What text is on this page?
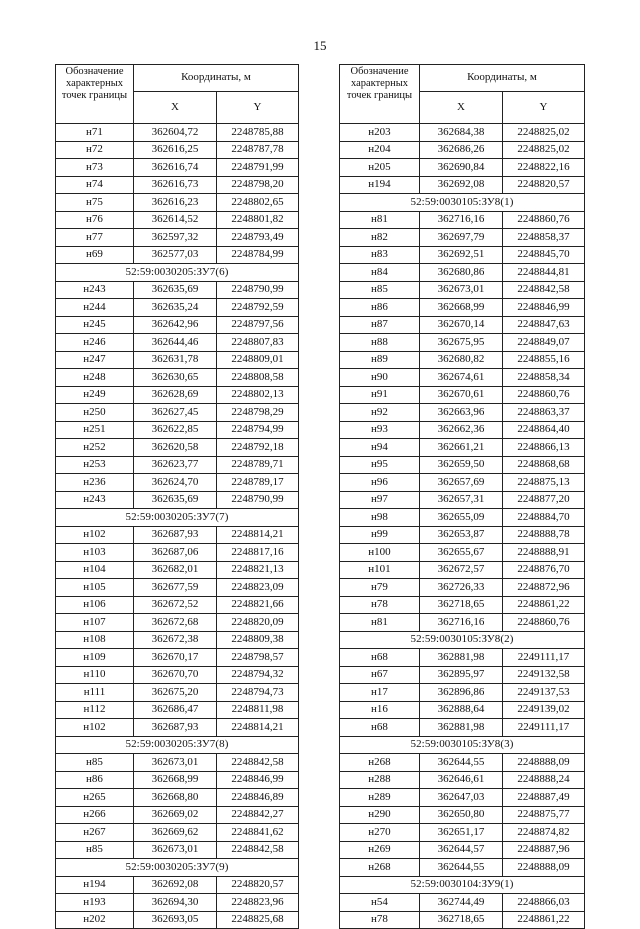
15
Обозначение характерных точек границы	Координаты, м	
	X	Y
н71	362604,72	2248785,88
н72	362616,25	2248787,78
н73	362616,74	2248791,99
н74	362616,73	2248798,20
н75	362616,23	2248802,65
н76	362614,52	2248801,82
н77	362597,32	2248793,49
н69	362577,03	2248784,99
52:59:0030205:ЗУ7(6)		
н243	362635,69	2248790,99
н244	362635,24	2248792,59
н245	362642,96	2248797,56
н246	362644,46	2248807,83
н247	362631,78	2248809,01
н248	362630,65	2248808,58
н249	362628,69	2248802,13
н250	362627,45	2248798,29
н251	362622,85	2248794,99
н252	362620,58	2248792,18
н253	362623,77	2248789,71
н236	362624,70	2248789,17
н243	362635,69	2248790,99
52:59:0030205:ЗУ7(7)		
н102	362687,93	2248814,21
н103	362687,06	2248817,16
н104	362682,01	2248821,13
н105	362677,59	2248823,09
н106	362672,52	2248821,66
н107	362672,68	2248820,09
н108	362672,38	2248809,38
н109	362670,17	2248798,57
н110	362670,70	2248794,32
н111	362675,20	2248794,73
н112	362686,47	2248811,98
н102	362687,93	2248814,21
52:59:0030205:ЗУ7(8)		
н85	362673,01	2248842,58
н86	362668,99	2248846,99
н265	362668,80	2248846,89
н266	362669,02	2248842,27
н267	362669,62	2248841,62
н85	362673,01	2248842,58
52:59:0030205:ЗУ7(9)		
н194	362692,08	2248820,57
н193	362694,30	2248823,96
н202	362693,05	2248825,68
Обозначение характерных точек границы	Координаты, м	
	X	Y
н203	362684,38	2248825,02
н204	362686,26	2248825,02
н205	362690,84	2248822,16
н194	362692,08	2248820,57
52:59:0030105:ЗУ8(1)		
н81	362716,16	2248860,76
н82	362697,79	2248858,37
н83	362692,51	2248845,70
н84	362680,86	2248844,81
н85	362673,01	2248842,58
н86	362668,99	2248846,99
н87	362670,14	2248847,63
н88	362675,95	2248849,07
н89	362680,82	2248855,16
н90	362674,61	2248858,34
н91	362670,61	2248860,76
н92	362663,96	2248863,37
н93	362662,36	2248864,40
н94	362661,21	2248866,13
н95	362659,50	2248868,68
н96	362657,69	2248875,13
н97	362657,31	2248877,20
н98	362655,09	2248884,70
н99	362653,87	2248888,78
н100	362655,67	2248888,91
н101	362672,57	2248876,70
н79	362726,33	2248872,96
н78	362718,65	2248861,22
н81	362716,16	2248860,76
52:59:0030105:ЗУ8(2)		
н68	362881,98	2249111,17
н67	362895,97	2249132,58
н17	362896,86	2249137,53
н16	362888,64	2249139,02
н68	362881,98	2249111,17
52:59:0030105:ЗУ8(3)		
н268	362644,55	2248888,09
н288	362646,61	2248888,24
н289	362647,03	2248887,49
н290	362650,80	2248875,77
н270	362651,17	2248874,82
н269	362644,57	2248887,96
н268	362644,55	2248888,09
52:59:0030104:ЗУ9(1)		
н54	362744,49	2248866,03
н78	362718,65	2248861,22
